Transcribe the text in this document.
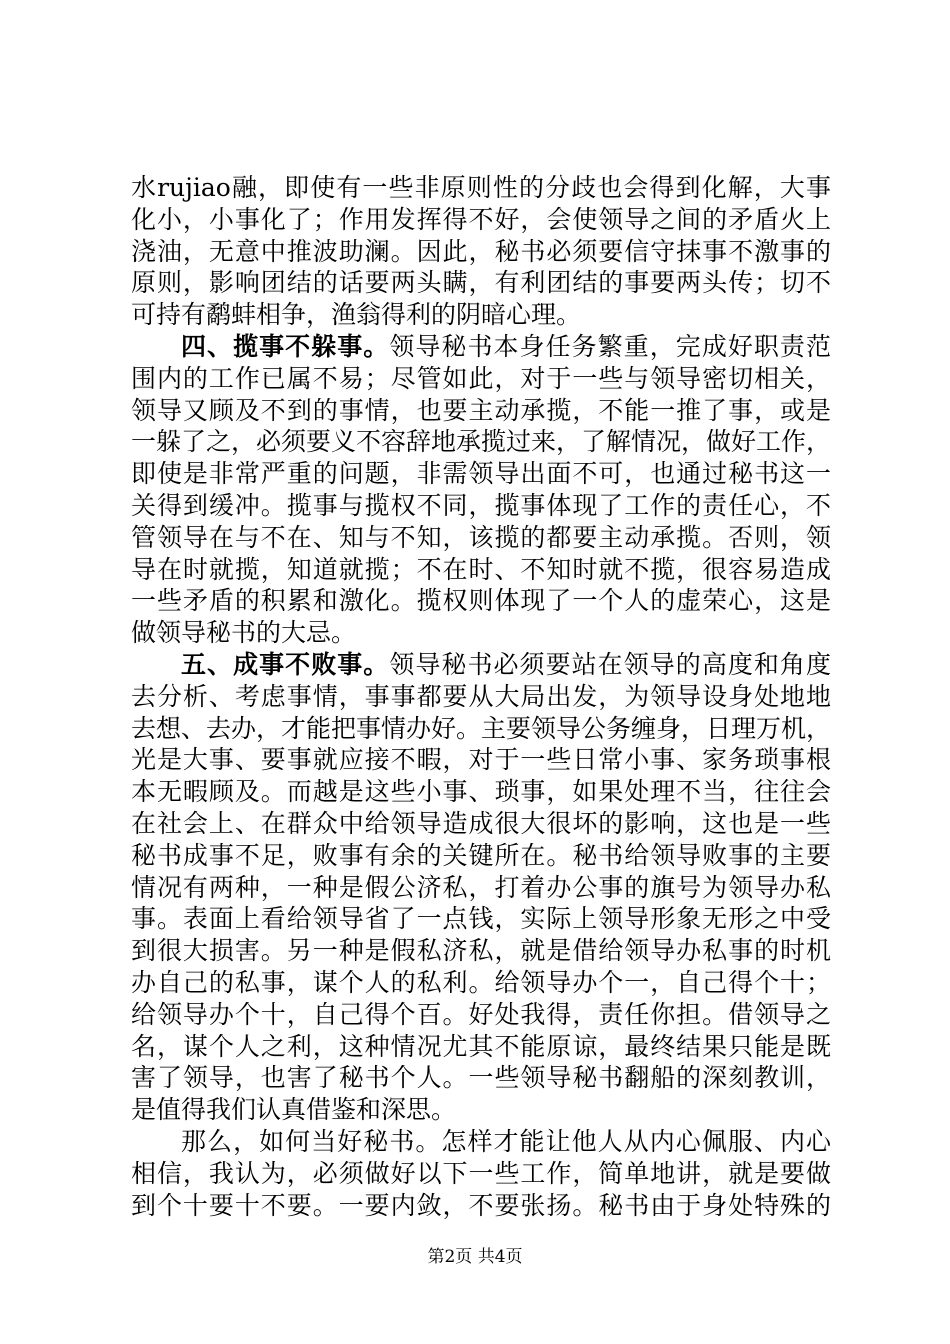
水rujiao融，即使有一些非原则性的分歧也会得到化解，大事
化小，小事化了；作用发挥得不好，会使领导之间的矛盾火上
浇油，无意中推波助澜。因此，秘书必须要信守抹事不激事的
原则，影响团结的话要两头瞒，有利团结的事要两头传；切不
可持有鹬蚌相争，渔翁得利的阴暗心理。
四、揽事不躲事。领导秘书本身任务繁重，完成好职责范
围内的工作已属不易；尽管如此，对于一些与领导密切相关，
领导又顾及不到的事情，也要主动承揽，不能一推了事，或是
一躲了之，必须要义不容辞地承揽过来，了解情况，做好工作，
即使是非常严重的问题，非需领导出面不可，也通过秘书这一
关得到缓冲。揽事与揽权不同，揽事体现了工作的责任心，不
管领导在与不在、知与不知，该揽的都要主动承揽。否则，领
导在时就揽，知道就揽；不在时、不知时就不揽，很容易造成
一些矛盾的积累和激化。揽权则体现了一个人的虚荣心，这是
做领导秘书的大忌。
五、成事不败事。领导秘书必须要站在领导的高度和角度
去分析、考虑事情，事事都要从大局出发，为领导设身处地地
去想、去办，才能把事情办好。主要领导公务缠身，日理万机，
光是大事、要事就应接不暇，对于一些日常小事、家务琐事根
本无暇顾及。而越是这些小事、琐事，如果处理不当，往往会
在社会上、在群众中给领导造成很大很坏的影响，这也是一些
秘书成事不足，败事有余的关键所在。秘书给领导败事的主要
情况有两种，一种是假公济私，打着办公事的旗号为领导办私
事。表面上看给领导省了一点钱，实际上领导形象无形之中受
到很大损害。另一种是假私济私，就是借给领导办私事的时机
办自己的私事，谋个人的私利。给领导办个一，自己得个十；
给领导办个十，自己得个百。好处我得，责任你担。借领导之
名，谋个人之利，这种情况尤其不能原谅，最终结果只能是既
害了领导，也害了秘书个人。一些领导秘书翻船的深刻教训，
是值得我们认真借鉴和深思。
那么，如何当好秘书。怎样才能让他人从内心佩服、内心
相信，我认为，必须做好以下一些工作，简单地讲，就是要做
到个十要十不要。一要内敛，不要张扬。秘书由于身处特殊的
第2页 共4页
